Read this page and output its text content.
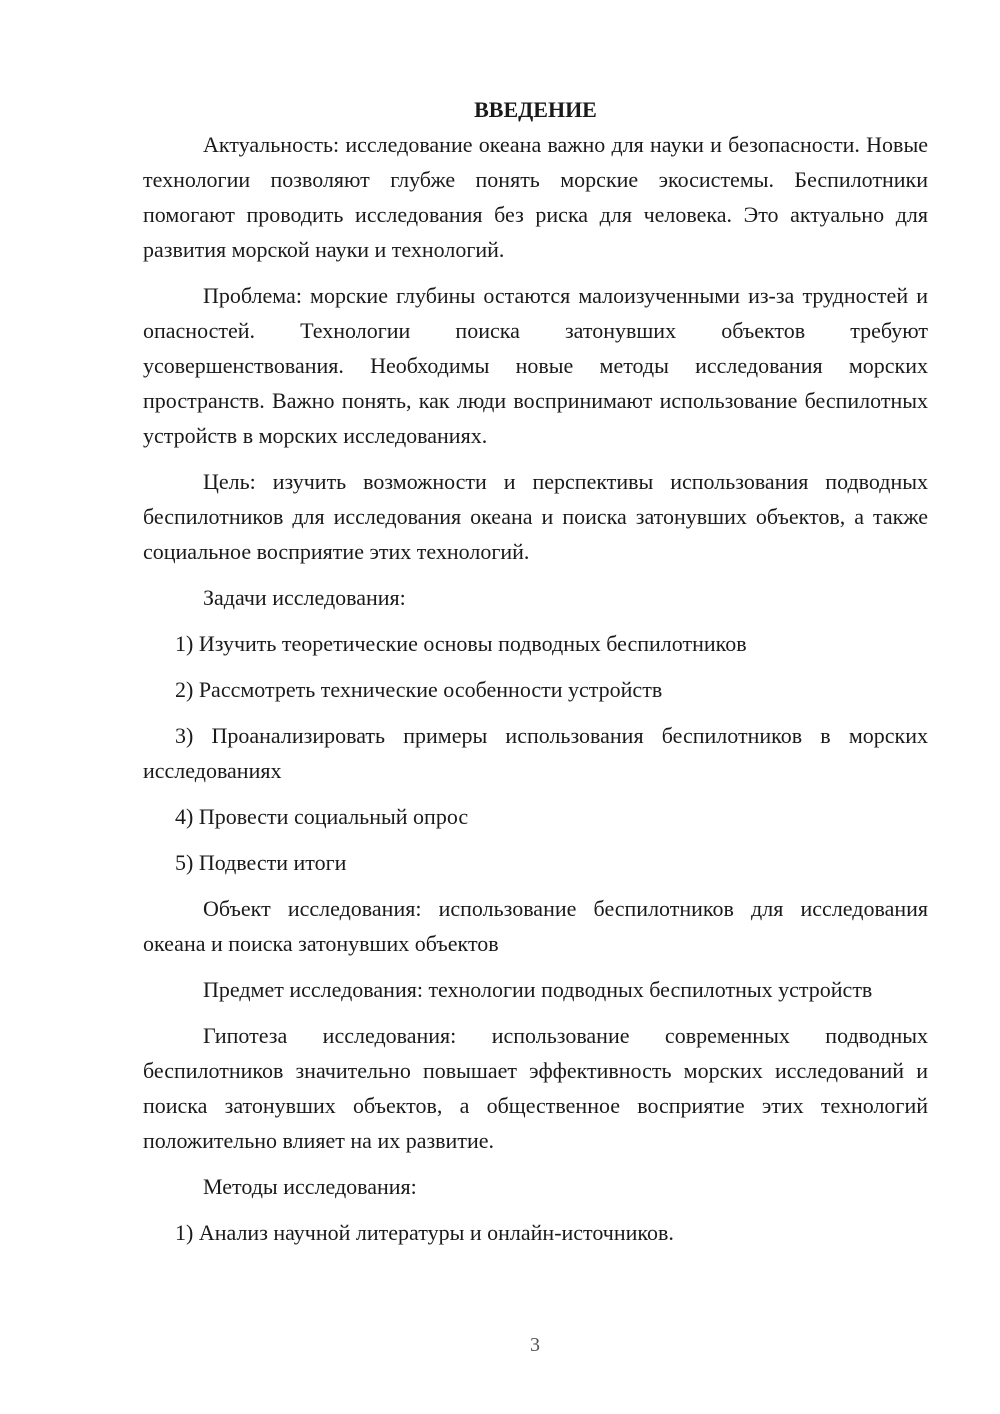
ВВЕДЕНИЕ

Актуальность: исследование океана важно для науки и безопасности. Новые технологии позволяют глубже понять морские экосистемы. Беспилотники помогают проводить исследования без риска для человека. Это актуально для развития морской науки и технологий.

Проблема: морские глубины остаются малоизученными из-за трудностей и опасностей. Технологии поиска затонувших объектов требуют усовершенствования. Необходимы новые методы исследования морских пространств. Важно понять, как люди воспринимают использование беспилотных устройств в морских исследованиях.

Цель: изучить возможности и перспективы использования подводных беспилотников для исследования океана и поиска затонувших объектов, а также социальное восприятие этих технологий.

Задачи исследования:

1) Изучить теоретические основы подводных беспилотников

2) Рассмотреть технические особенности устройств

3) Проанализировать примеры использования беспилотников в морских исследованиях

4) Провести социальный опрос

5) Подвести итоги

Объект исследования: использование беспилотников для исследования океана и поиска затонувших объектов

Предмет исследования: технологии подводных беспилотных устройств

Гипотеза исследования: использование современных подводных беспилотников значительно повышает эффективность морских исследований и поиска затонувших объектов, а общественное восприятие этих технологий положительно влияет на их развитие.

Методы исследования:

1) Анализ научной литературы и онлайн-источников.

3
